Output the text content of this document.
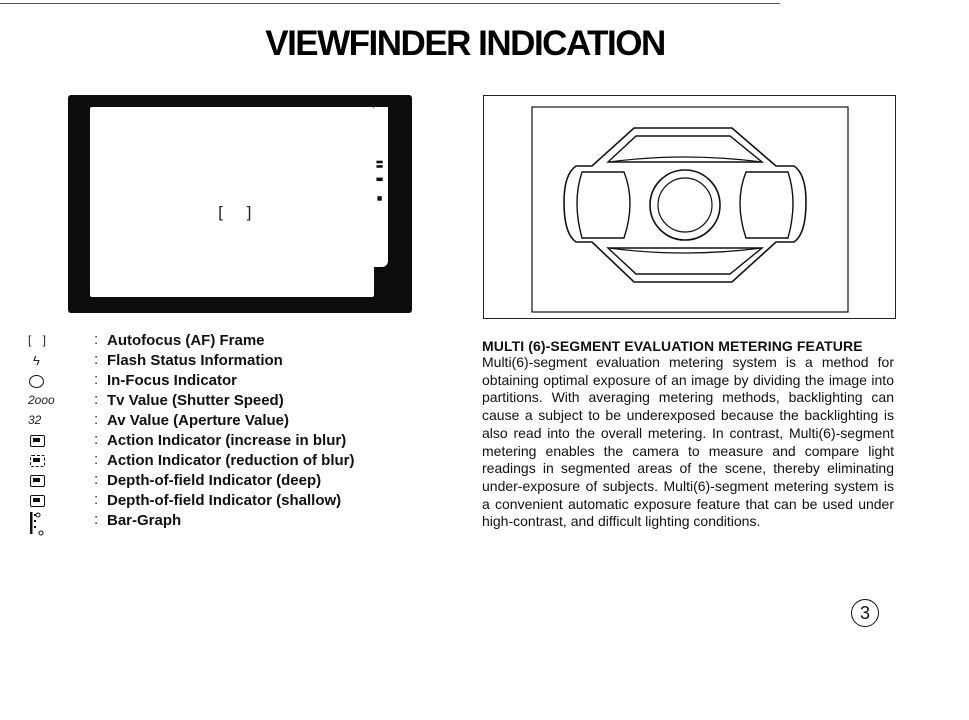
VIEWFINDER INDICATION
[ ]
[ ]	: Autofocus (AF) Frame
ϟ	: Flash Status Information
: In-Focus Indicator
2ooo	: Tv Value (Shutter Speed)
32	: Av Value (Aperture Value)
: Action Indicator (increase in blur)
: Action Indicator (reduction of blur)
: Depth-of-field Indicator (deep)
: Depth-of-field Indicator (shallow)
: Bar-Graph
MULTI (6)-SEGMENT EVALUATION METERING FEATURE
Multi(6)-segment evaluation metering system is a method for obtaining optimal exposure of an image by dividing the image into partitions. With averaging metering methods, backlighting can cause a subject to be underexposed because the backlighting is also read into the overall metering. In contrast, Multi(6)-segment metering enables the camera to measure and compare light readings in segmented areas of the scene, thereby eliminating under-exposure of subjects. Multi(6)-segment metering system is a convenient automatic exposure feature that can be used under high-contrast, and difficult lighting conditions.
3
